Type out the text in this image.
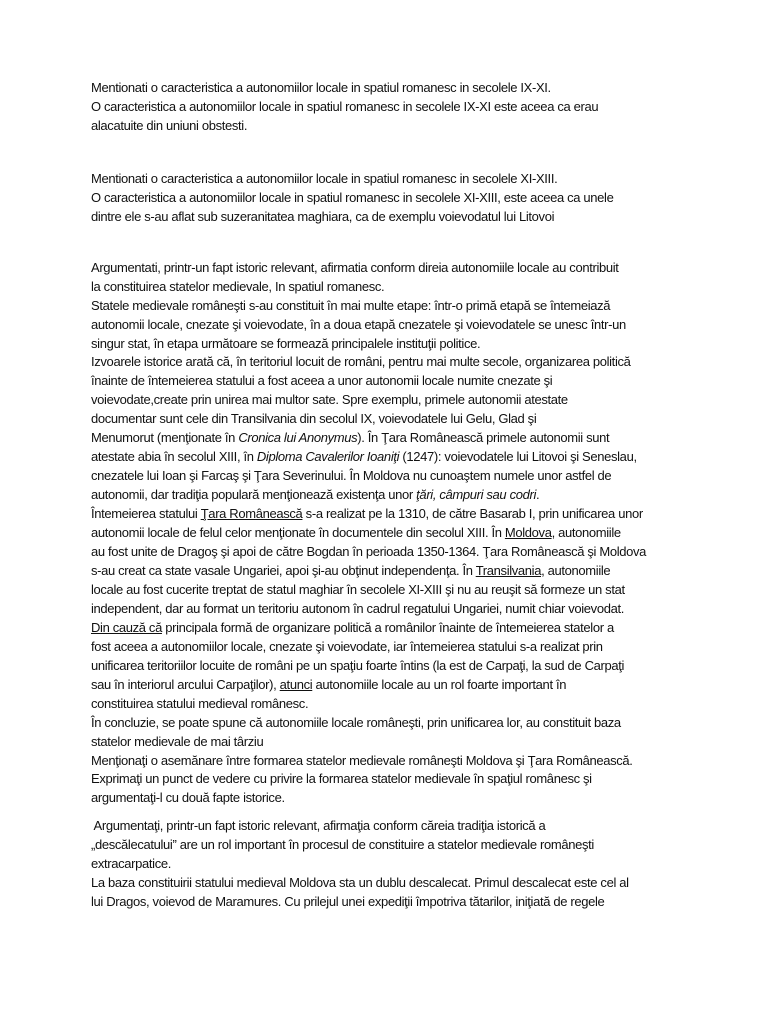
Mentionati o caracteristica a autonomiilor locale in spatiul romanesc in secolele IX-XI.
O caracteristica a autonomiilor locale in spatiul romanesc in secolele IX-XI este aceea ca erau
alacatuite din uniuni obstesti.
Mentionati o caracteristica a autonomiilor locale in spatiul romanesc in secolele XI-XIII.
O caracteristica a autonomiilor locale in spatiul romanesc in secolele XI-XIII, este aceea ca unele
dintre ele s-au aflat sub suzeranitatea maghiara, ca de exemplu voievodatul lui Litovoi
Argumentati, printr-un fapt istoric relevant, afirmatia conform direia autonomiile locale au contribuit
la constituirea statelor medievale, In spatiul romanesc.
Statele medievale româneşti s-au constituit în mai multe etape: într-o primă etapă se întemeiază
autonomii locale, cnezate şi voievodate, în a doua etapă cnezatele şi voievodatele se unesc într-un
singur stat, în etapa următoare se formează principalele instituţii politice.
Izvoarele istorice arată că, în teritoriul locuit de români, pentru mai multe secole, organizarea politică
înainte de întemeierea statului a fost aceea a unor autonomii locale numite cnezate şi
voievodate,create prin unirea mai multor sate. Spre exemplu, primele autonomii atestate
documentar sunt cele din Transilvania din secolul IX, voievodatele lui Gelu, Glad şi
Menumorut (menţionate în Cronica lui Anonymus). În Ţara Românească primele autonomii sunt
atestate abia în secolul XIII, în Diploma Cavalerilor Ioaniţi (1247): voievodatele lui Litovoi şi Seneslau,
cnezatele lui Ioan şi Farcaş şi Ţara Severinului. În Moldova nu cunoaştem numele unor astfel de
autonomii, dar tradiţia populară menţionează existenţa unor ţări, câmpuri sau codri.
Întemeierea statului Ţara Românească s-a realizat pe la 1310, de către Basarab I, prin unificarea unor
autonomii locale de felul celor menţionate în documentele din secolul XIII. În Moldova, autonomiile
au fost unite de Dragoş şi apoi de către Bogdan în perioada 1350-1364. Ţara Românească şi Moldova
s-au creat ca state vasale Ungariei, apoi şi-au obţinut independenţa. În Transilvania, autonomiile
locale au fost cucerite treptat de statul maghiar în secolele XI-XIII şi nu au reuşit să formeze un stat
independent, dar au format un teritoriu autonom în cadrul regatului Ungariei, numit chiar voievodat.
Din cauză că principala formă de organizare politică a românilor înainte de întemeierea statelor a
fost aceea a autonomiilor locale, cnezate şi voievodate, iar întemeierea statului s-a realizat prin
unificarea teritoriilor locuite de români pe un spaţiu foarte întins (la est de Carpaţi, la sud de Carpaţi
sau în interiorul arcului Carpaţilor), atunci autonomiile locale au un rol foarte important în
constituirea statului medieval românesc.
În concluzie, se poate spune că autonomiile locale româneşti, prin unificarea lor, au constituit baza
statelor medievale de mai târziu
Menţionaţi o asemănare între formarea statelor medievale româneşti Moldova şi Ţara Românească.
Exprimaţi un punct de vedere cu privire la formarea statelor medievale în spaţiul românesc şi
argumentaţi-l cu două fapte istorice.
Argumentaţi, printr-un fapt istoric relevant, afirmaţia conform căreia tradiţia istorică a
„descălecatului” are un rol important în procesul de constituire a statelor medievale româneşti
extracarpatice.
La baza constituirii statului medieval Moldova sta un dublu descalecat. Primul descalecat este cel al
lui Dragos, voievod de Maramures. Cu prilejul unei expediţii împotriva tătarilor, iniţiată de regele
